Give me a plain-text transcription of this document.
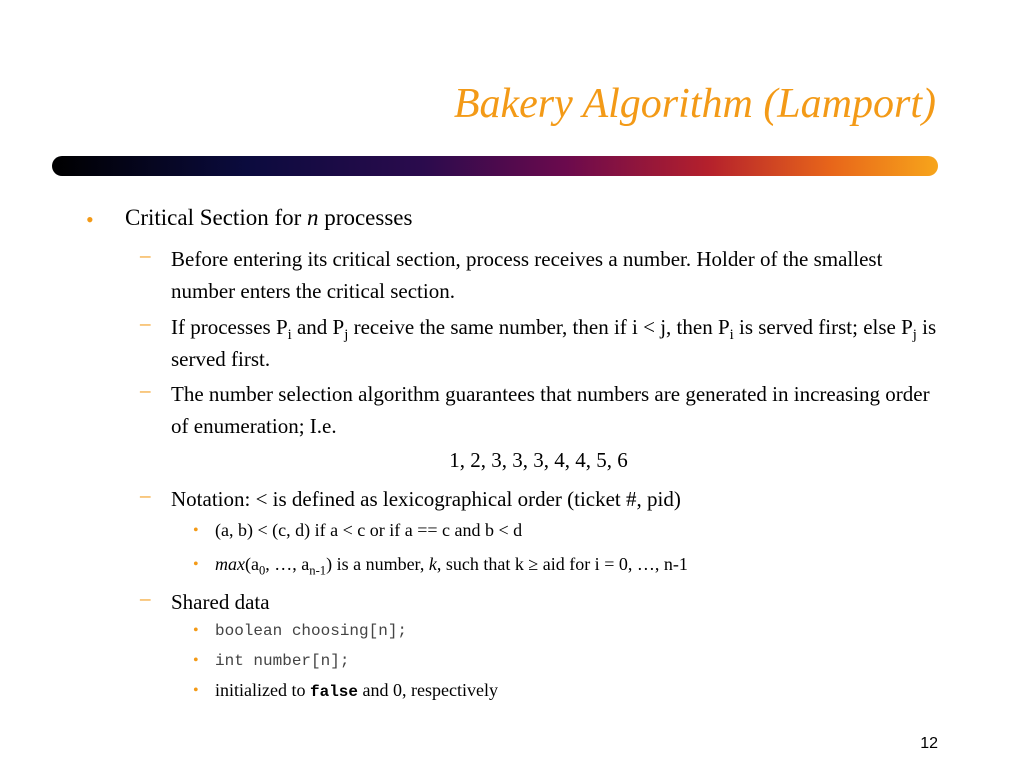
Bakery Algorithm (Lamport)
• Critical Section for n processes
– Before entering its critical section, process receives a number. Holder of the smallest number enters the critical section.
– If processes $P_i$ and $P_j$ receive the same number, then if i < j, then $P_i$ is served first; else $P_j$ is served first.
– The number selection algorithm guarantees that numbers are generated in increasing order of enumeration; I.e.
1, 2, 3, 3, 3, 4, 4, 5, 6
– Notation: < is defined as lexicographical order (ticket #, pid)
• (a, b) < (c, d) if a < c or if a == c and b < d
• $\max(a_0$, …, $a_{n-1}$) is a number, k, such that k ≥ aid for i = 0, …, n-1
– Shared data
• boolean choosing[n];
• int number[n];
• initialized to false and 0, respectively
12
